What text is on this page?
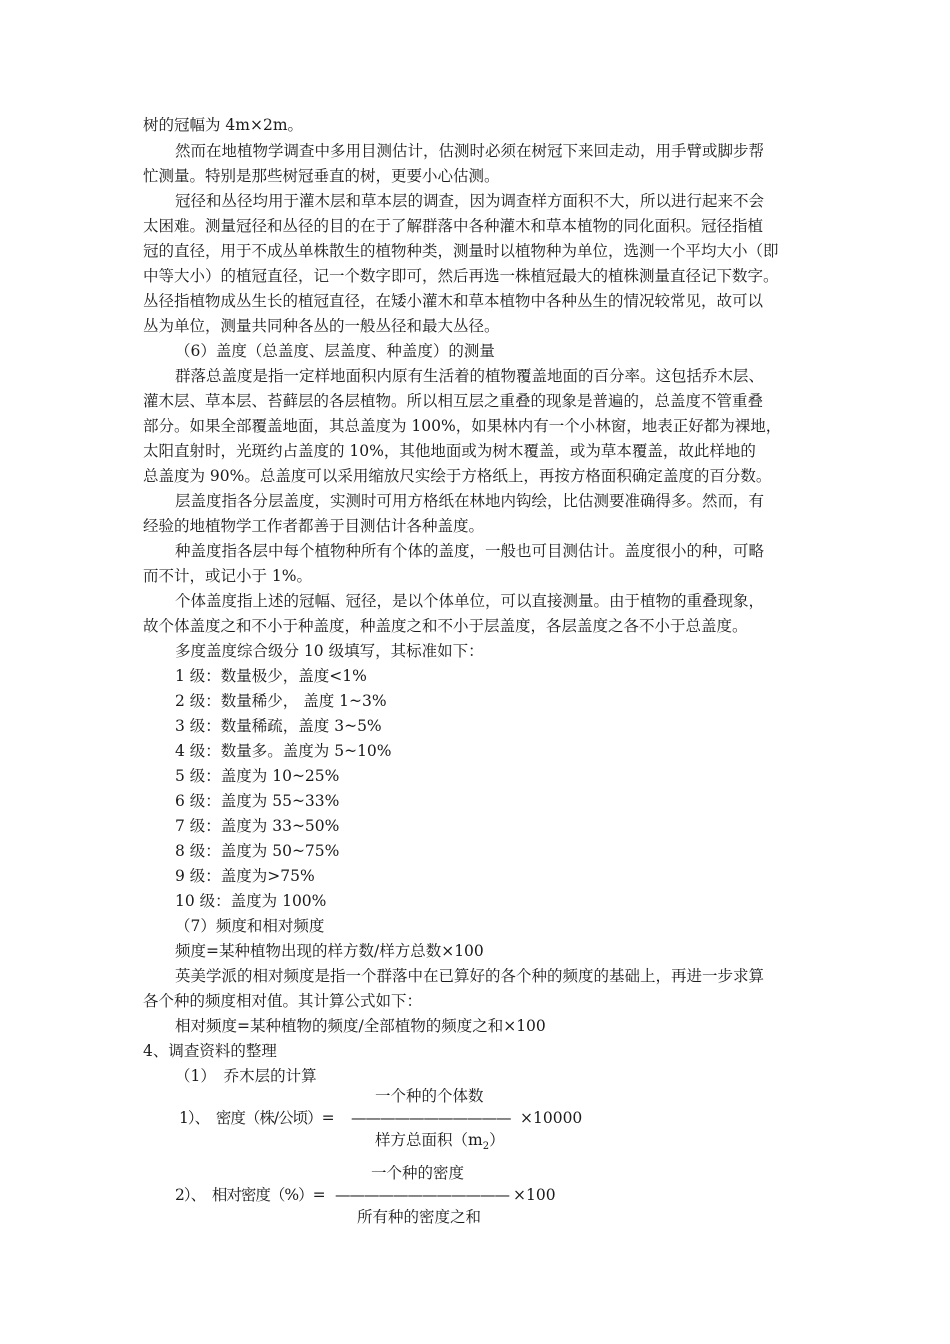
树的冠幅为 4m×2m。
然而在地植物学调查中多用目测估计，估测时必须在树冠下来回走动，用手臂或脚步帮
忙测量。特别是那些树冠垂直的树，更要小心估测。
冠径和丛径均用于灌木层和草本层的调查，因为调查样方面积不大，所以进行起来不会
太困难。测量冠径和丛径的目的在于了解群落中各种灌木和草本植物的同化面积。冠径指植
冠的直径，用于不成丛单株散生的植物种类，测量时以植物种为单位，选测一个平均大小（即
中等大小）的植冠直径，记一个数字即可，然后再选一株植冠最大的植株测量直径记下数字。
丛径指植物成丛生长的植冠直径，在矮小灌木和草本植物中各种丛生的情况较常见，故可以
丛为单位，测量共同种各丛的一般丛径和最大丛径。
（6）盖度（总盖度、层盖度、种盖度）的测量
群落总盖度是指一定样地面积内原有生活着的植物覆盖地面的百分率。这包括乔木层、
灌木层、草本层、苔藓层的各层植物。所以相互层之重叠的现象是普遍的，总盖度不管重叠
部分。如果全部覆盖地面，其总盖度为 100%，如果林内有一个小林窗，地表正好都为裸地，
太阳直射时，光斑约占盖度的 10%，其他地面或为树木覆盖，或为草本覆盖，故此样地的
总盖度为 90%。总盖度可以采用缩放尺实绘于方格纸上，再按方格面积确定盖度的百分数。
层盖度指各分层盖度，实测时可用方格纸在林地内钩绘，比估测要准确得多。然而，有
经验的地植物学工作者都善于目测估计各种盖度。
种盖度指各层中每个植物种所有个体的盖度，一般也可目测估计。盖度很小的种，可略
而不计，或记小于 1%。
个体盖度指上述的冠幅、冠径，是以个体单位，可以直接测量。由于植物的重叠现象，
故个体盖度之和不小于种盖度，种盖度之和不小于层盖度，各层盖度之各不小于总盖度。
多度盖度综合级分 10 级填写，其标准如下：
1 级：数量极少，盖度<1%
2 级：数量稀少， 盖度 1~3%
3 级：数量稀疏，盖度 3~5%
4 级：数量多。盖度为 5~10%
5 级：盖度为 10~25%
6 级：盖度为 55~33%
7 级：盖度为 33~50%
8 级：盖度为 50~75%
9 级：盖度为>75%
10 级：盖度为 100%
（7）频度和相对频度
频度=某种植物出现的样方数/样方总数×100
英美学派的相对频度是指一个群落中在已算好的各个种的频度的基础上，再进一步求算
各个种的频度相对值。其计算公式如下：
相对频度=某种植物的频度/全部植物的频度之和×100
4、调查资料的整理
（1）　乔木层的计算
一个种的个体数
1）、　密度（株/公顷）= ——————————— ×10000
样方总面积$(m_2)$
一个种的密度
2）、　相对密度（%）= ———————————— ×100
所有种的密度之和
